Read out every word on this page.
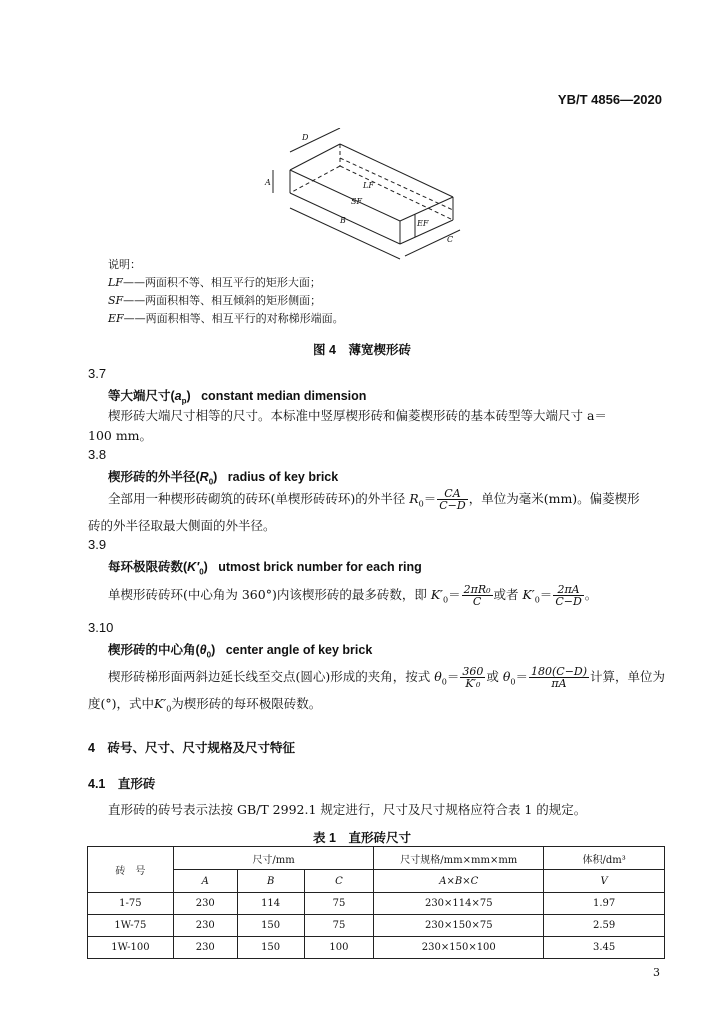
YB/T 4856—2020
D
A	LF
SF
B	EF
C
说明：
LF——两面积不等、相互平行的矩形大面；
SF——两面积相等、相互倾斜的矩形侧面；
EF——两面积相等、相互平行的对称梯形端面。
图 4　薄宽楔形砖
3.7
等大端尺寸$(a_p)$ constant median dimension
楔形砖大端尺寸相等的尺寸。本标准中竖厚楔形砖和偏菱楔形砖的基本砖型等大端尺寸 a＝
100 mm。
3.8
楔形砖的外半径$(R_0)$ radius of key brick
全部用一种楔形砖砌筑的砖环(单楔形砖砖环)的外半径 $R_0= \frac{CA}{C-D}$ ，单位为毫米(mm)。偏菱楔形
砖的外半径取最大侧面的外半径。
3.9
每环极限砖数$(K'_0)$ utmost brick number for each ring
单楔形砖砖环(中心角为 360°)内该楔形砖的最多砖数，即 $K'_0= \frac{\text{2πR₀}}{C}$ 或者 $K'_0= \frac{2\pi A}{C-D}$ 。
3.10
楔形砖的中心角$(\theta_0)$ center angle of key brick
楔形砖梯形面两斜边延长线至交点(圆心)形成的夹角，按式 $\theta_0= \frac{360}{\text{K′₀}}$ 或 $\theta_0= \frac{180(C-D)}{\pi A}$ 计算，单位为
度(°)，式中$K'_0$为楔形砖的每环极限砖数。
4　砖号、尺寸、尺寸规格及尺寸特征
4.1　直形砖
直形砖的砖号表示法按 GB/T 2992.1 规定进行，尺寸及尺寸规格应符合表 1 的规定。
表 1　直形砖尺寸
砖　号	尺寸/mm			尺寸规格/mm×mm×mm	体积/dm³
	A	B	C	A×B×C	V
1-75	230	114	75	230×114×75	1.97
1W-75	230	150	75	230×150×75	2.59
1W-100	230	150	100	230×150×100	3.45
3
